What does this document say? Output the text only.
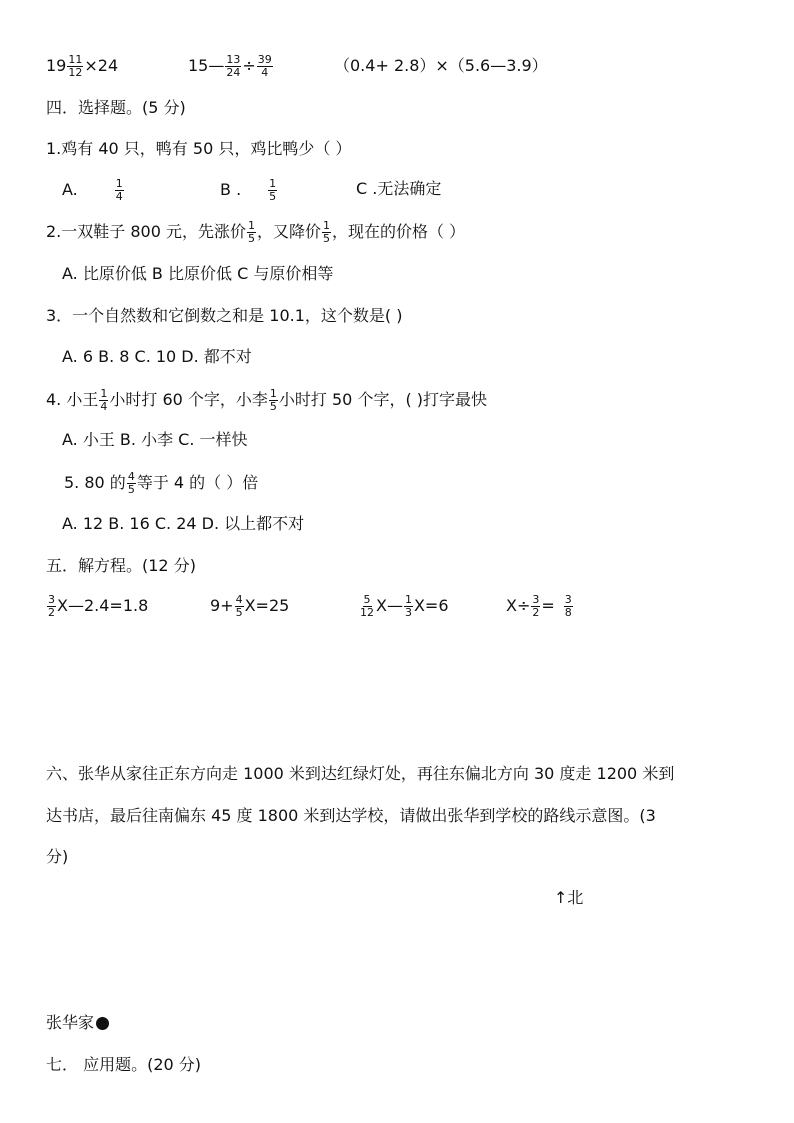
$19 \frac{11}{12} \times 24$	15— $\frac{13}{24} \div \frac{39}{4}$	（0.4+ 2.8）×（5.6—3.9）
四．选择题。(5 分)
1.鸡有 40 只，鸭有 50 只，鸡比鸭少（ ）
A.	$\frac{1}{4}$	B . $\frac{1}{5}$	C .无法确定
2.一双鞋子 800 元，先涨价 $\frac{1}{5}$ ，又降价 $\frac{1}{5}$ ，现在的价格（ ）
A. 比原价低 B 比原价低 C 与原价相等
3．一个自然数和它倒数之和是 10.1，这个数是( )
A. 6 B. 8 C. 10 D. 都不对
4. 小王 $\frac{1}{4}$ 小时打 60 个字，小李 $\frac{1}{5}$ 小时打 50 个字，( )打字最快
A. 小王 B. 小李 C. 一样快
5. 80 的 $\frac{4}{5}$ 等于 4 的（ ）倍
A. 12 B. 16 C. 24 D. 以上都不对
五．解方程。(12 分)
$\frac{3}{2}$ X—2.4=1.8	$9+ \frac{4}{5} X=25$	$\frac{5}{12}$ X— $\frac{1}{3} X=6$	$X\div \frac{3}{2} = \frac{3}{8}$
六、张华从家往正东方向走 1000 米到达红绿灯处，再往东偏北方向 30 度走 1200 米到
达书店，最后往南偏东 45 度 1800 米到达学校，请做出张华到学校的路线示意图。(3
分)
↑北
张华家
七． 应用题。(20 分)
